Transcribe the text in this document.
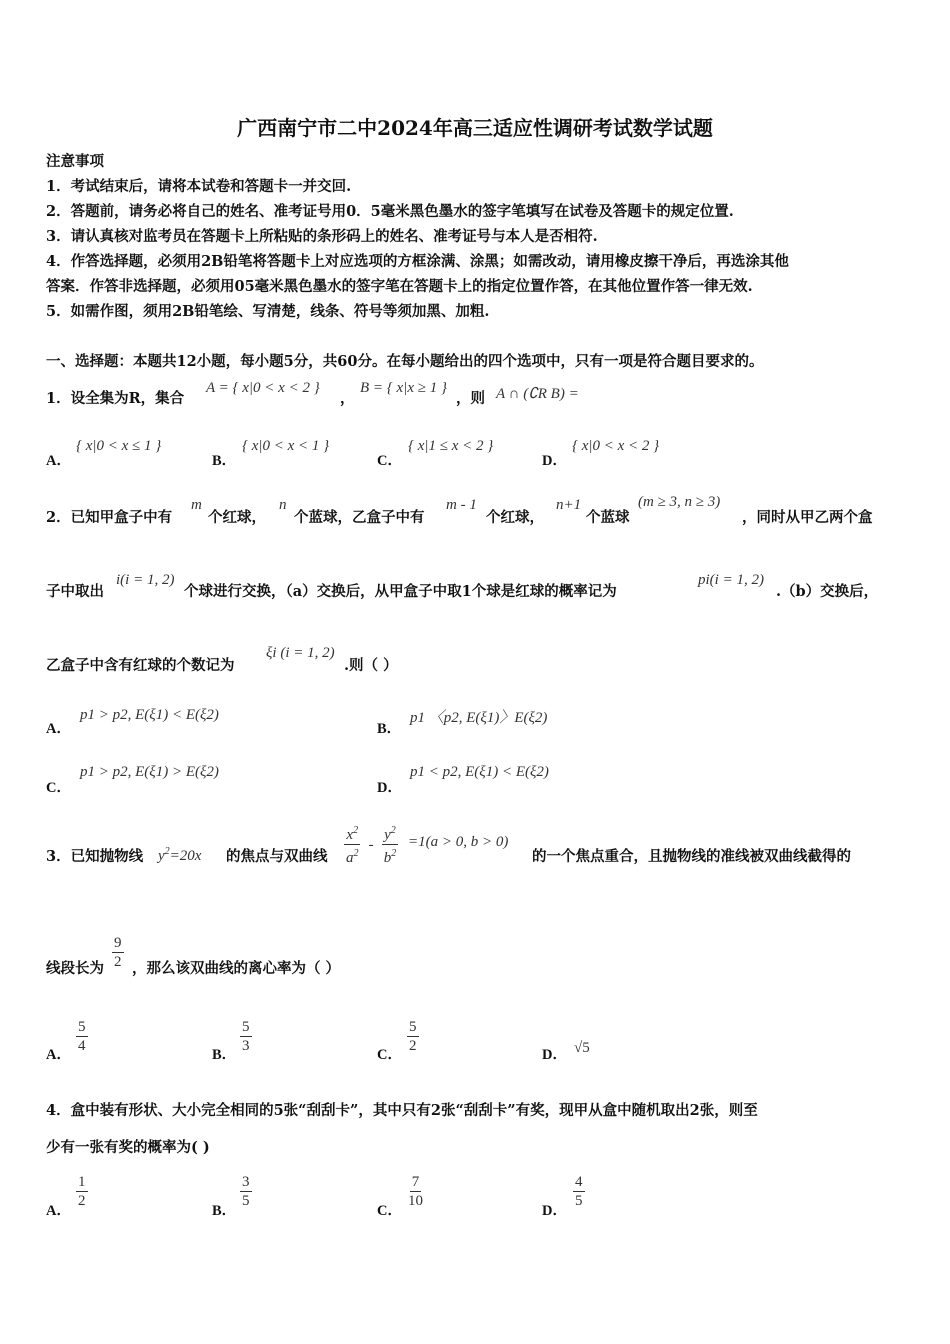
广西南宁市二中2024年高三适应性调研考试数学试题
注意事项
1．考试结束后，请将本试卷和答题卡一并交回.
2．答题前，请务必将自己的姓名、准考证号用0．5毫米黑色墨水的签字笔填写在试卷及答题卡的规定位置.
3．请认真核对监考员在答题卡上所粘贴的条形码上的姓名、准考证号与本人是否相符.
4．作答选择题，必须用2B铅笔将答题卡上对应选项的方框涂满、涂黑；如需改动，请用橡皮擦干净后，再选涂其他
答案．作答非选择题，必须用05毫米黑色墨水的签字笔在答题卡上的指定位置作答，在其他位置作答一律无效.
5．如需作图，须用2B铅笔绘、写清楚，线条、符号等须加黑、加粗.
一、选择题：本题共12小题，每小题5分，共60分。在每小题给出的四个选项中，只有一项是符合题目要求的。
1．设全集为R，集合
A = { x|0 < x < 2 }
，
B = { x|x ≥ 1 }
，则 A ∩ (∁R B) =
A．
{ x|0 < x ≤ 1 }
B．
{ x|0 < x < 1 }
C．
{ x|1 ≤ x < 2 }
D．
{ x|0 < x < 2 }
2．已知甲盒子中有
m
个红球，
n
个蓝球，乙盒子中有
m - 1
个红球，
n+1
个蓝球
(m ≥ 3, n ≥ 3)
，同时从甲乙两个盒
子中取出
i(i = 1, 2)
个球进行交换，（a）交换后，从甲盒子中取1个球是红球的概率记为
pi(i = 1, 2)
.（b）交换后，
乙盒子中含有红球的个数记为
ξi (i = 1, 2)
.则（ ）
A．
p1 > p2, E(ξ1) < E(ξ2)
B．
p1 〈p2, E(ξ1)〉E(ξ2)
C．
p1 > p2, E(ξ1) > E(ξ2)
D．
p1 < p2, E(ξ1) < E(ξ2)
3．已知抛物线 $y^2=20x$ 的焦点与双曲线 $\frac{x^2}{a^2} - \frac{y^2}{b^2} =1(a > 0$, b > 0)
的一个焦点重合，且抛物线的准线被双曲线截得的
线段长为 $\frac{9}{2}$ ，那么该双曲线的离心率为（ ）
A． $\frac{5}{4}$	B． $\frac{5}{3}$	C． $\frac{5}{2}$	D． √5
4．盒中装有形状、大小完全相同的5张“刮刮卡”，其中只有2张“刮刮卡”有奖，现甲从盒中随机取出2张，则至
少有一张有奖的概率为( )
A．
$\frac{1}{2}$
B．
$\frac{3}{5}$
C．
$\frac{7}{10}$
D．
$\frac{4}{5}$
